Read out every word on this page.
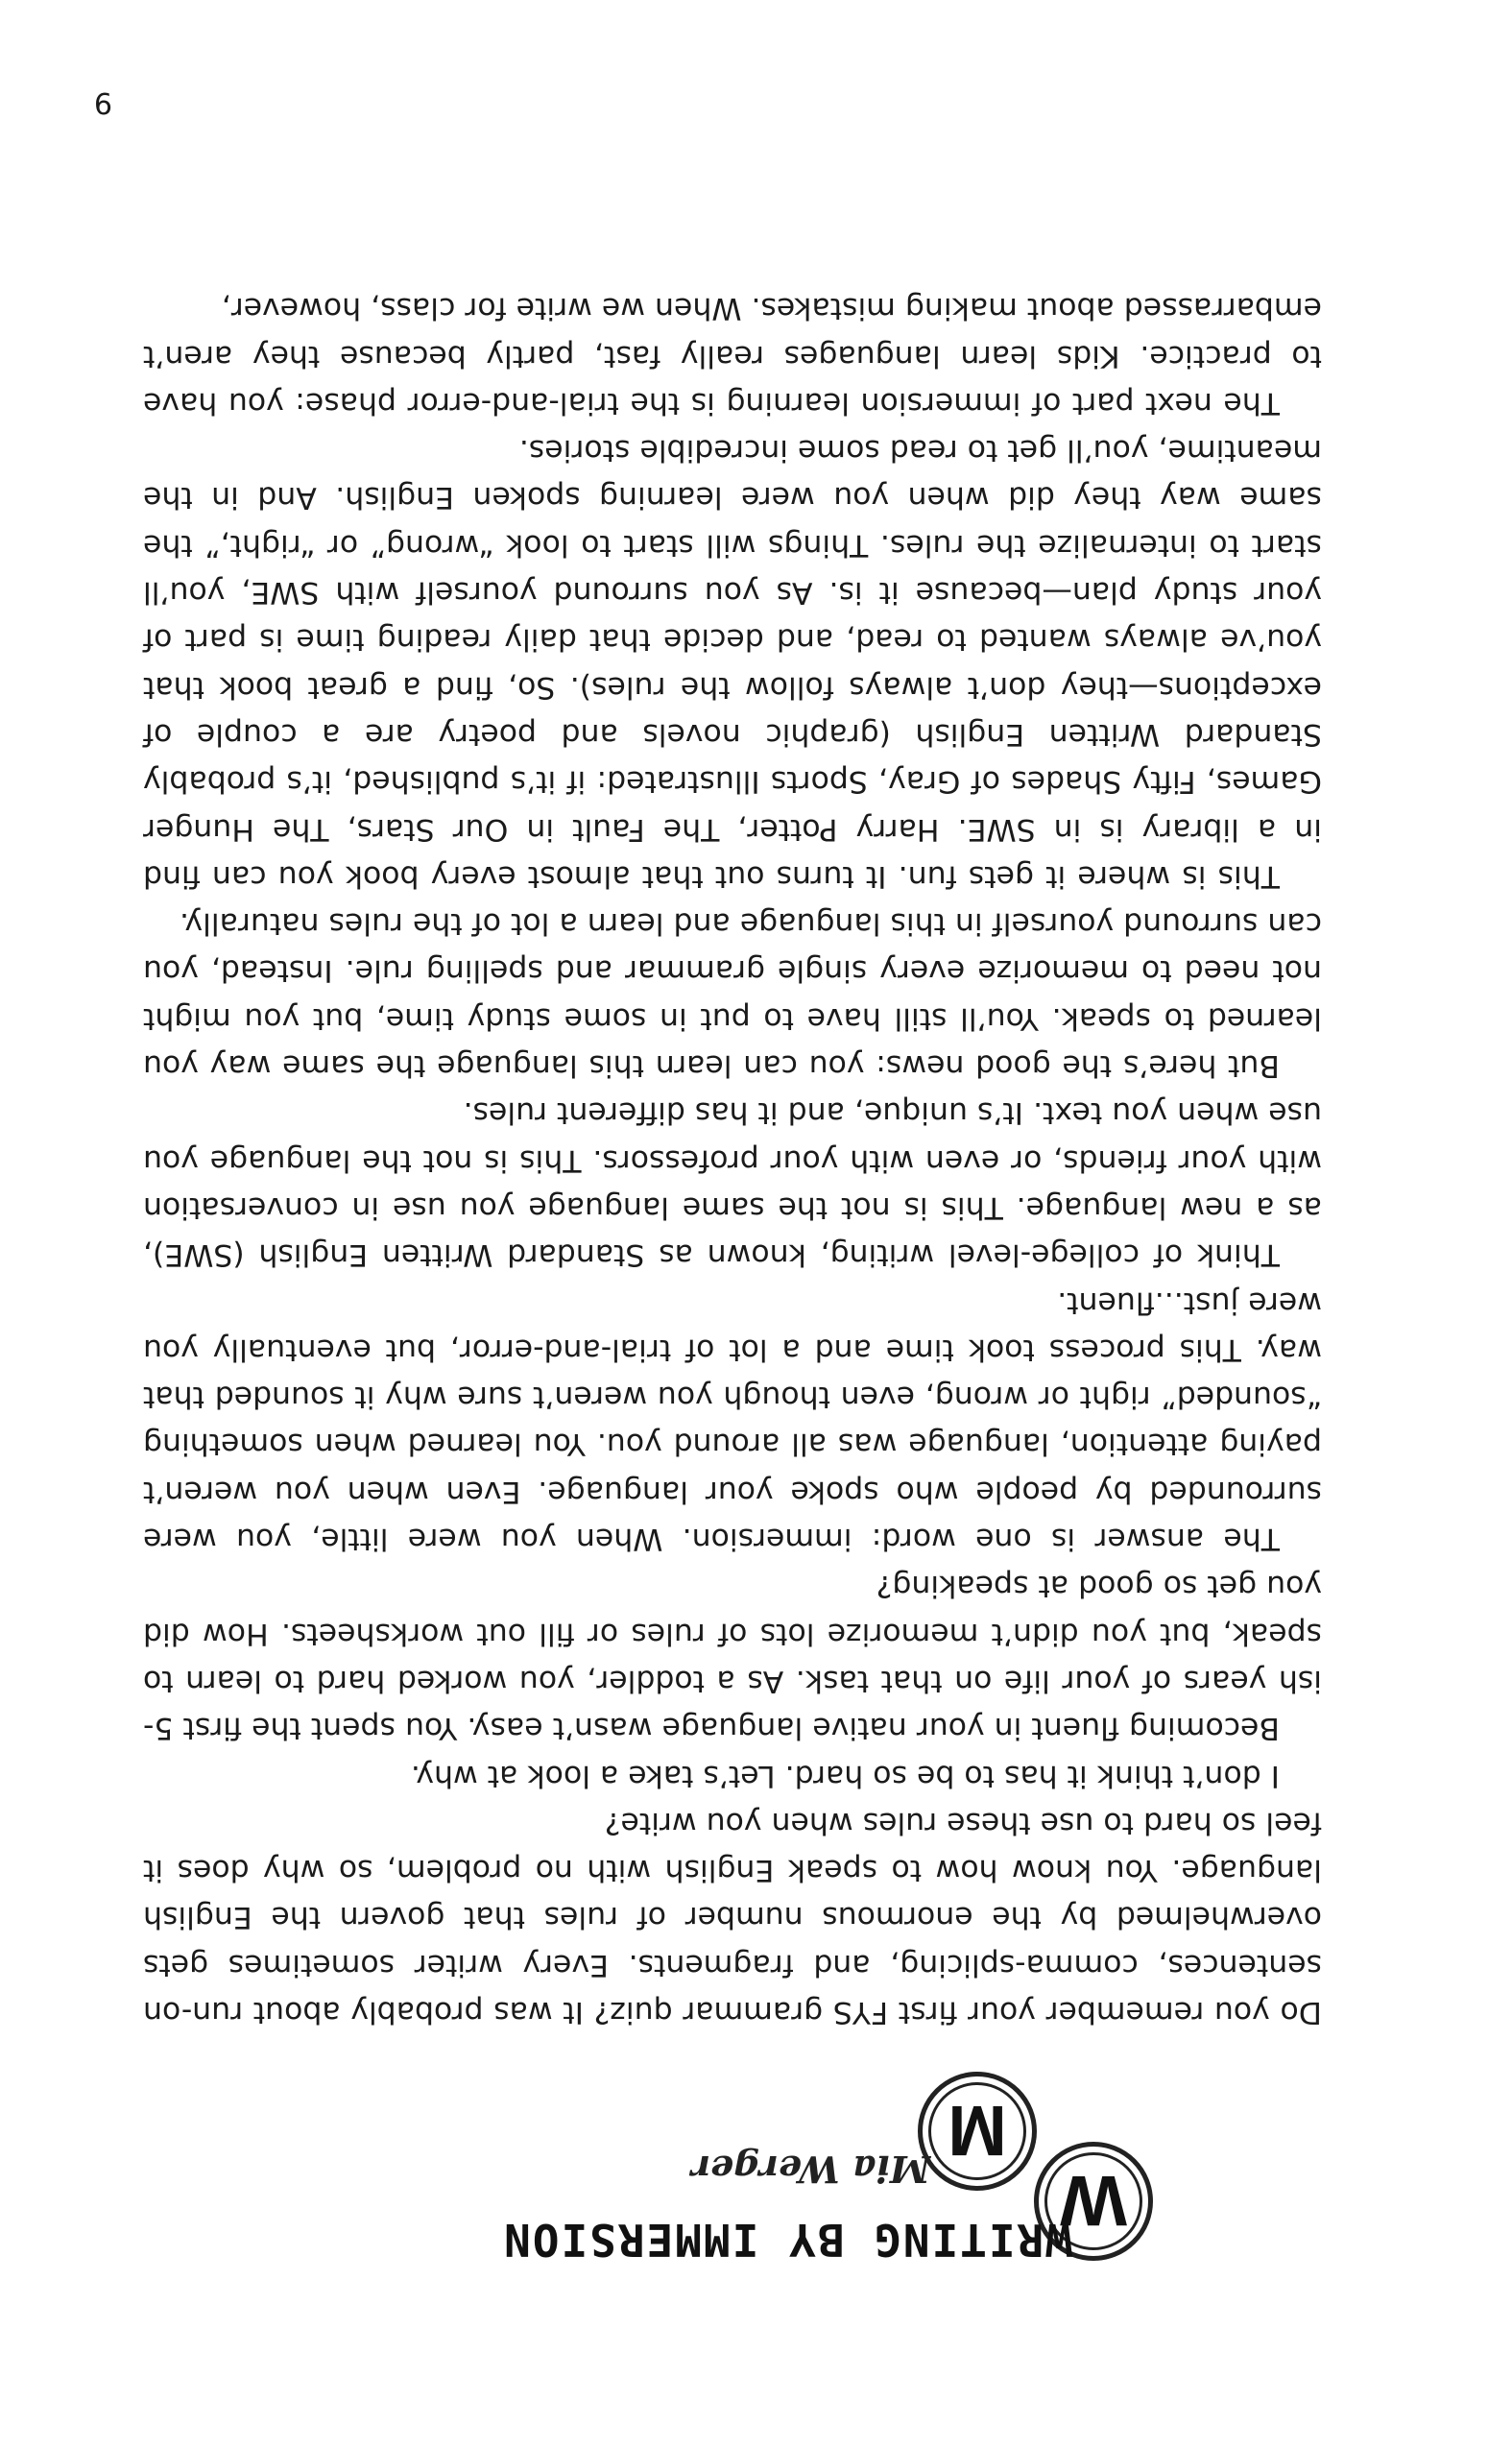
W
M
WRITING BY IMMERSION
Mia Werger

Do you remember your first FYS grammar quiz? It was probably about run-on sentences, comma-splicing, and fragments. Every writer sometimes gets overwhelmed by the enormous number of rules that govern the English language. You know how to speak English with no problem, so why does it feel so hard to use these rules when you write?

I don’t think it has to be so hard. Let’s take a look at why.

Becoming fluent in your native language wasn’t easy. You spent the first 5-ish years of your life on that task. As a toddler, you worked hard to learn to speak, but you didn’t memorize lots of rules or fill out worksheets. How did you get so good at speaking?

The answer is one word: immersion. When you were little, you were surrounded by people who spoke your language. Even when you weren’t paying attention, language was all around you. You learned when something “sounded” right or wrong, even though you weren’t sure why it sounded that way. This process took time and a lot of trial-and-error, but eventually you were just...fluent.

Think of college-level writing, known as Standard Written English (SWE), as a new language. This is not the same language you use in conversation with your friends, or even with your professors. This is not the language you use when you text. It’s unique, and it has different rules.

But here’s the good news: you can learn this language the same way you learned to speak. You’ll still have to put in some study time, but you might not need to memorize every single grammar and spelling rule. Instead, you can surround yourself in this language and learn a lot of the rules naturally.

This is where it gets fun. It turns out that almost every book you can find in a library is in SWE. Harry Potter, The Fault in Our Stars, The Hunger Games, Fifty Shades of Gray, Sports Illustrated: if it’s published, it’s probably Standard Written English (graphic novels and poetry are a couple of exceptions—they don’t always follow the rules). So, find a great book that you’ve always wanted to read, and decide that daily reading time is part of your study plan—because it is. As you surround yourself with SWE, you’ll start to internalize the rules. Things will start to look “wrong” or “right,” the same way they did when you were learning spoken English. And in the meantime, you’ll get to read some incredible stories.

The next part of immersion learning is the trial-and-error phase: you have to practice. Kids learn languages really fast, partly because they aren’t embarrassed about making mistakes. When we write for class, however,

9
